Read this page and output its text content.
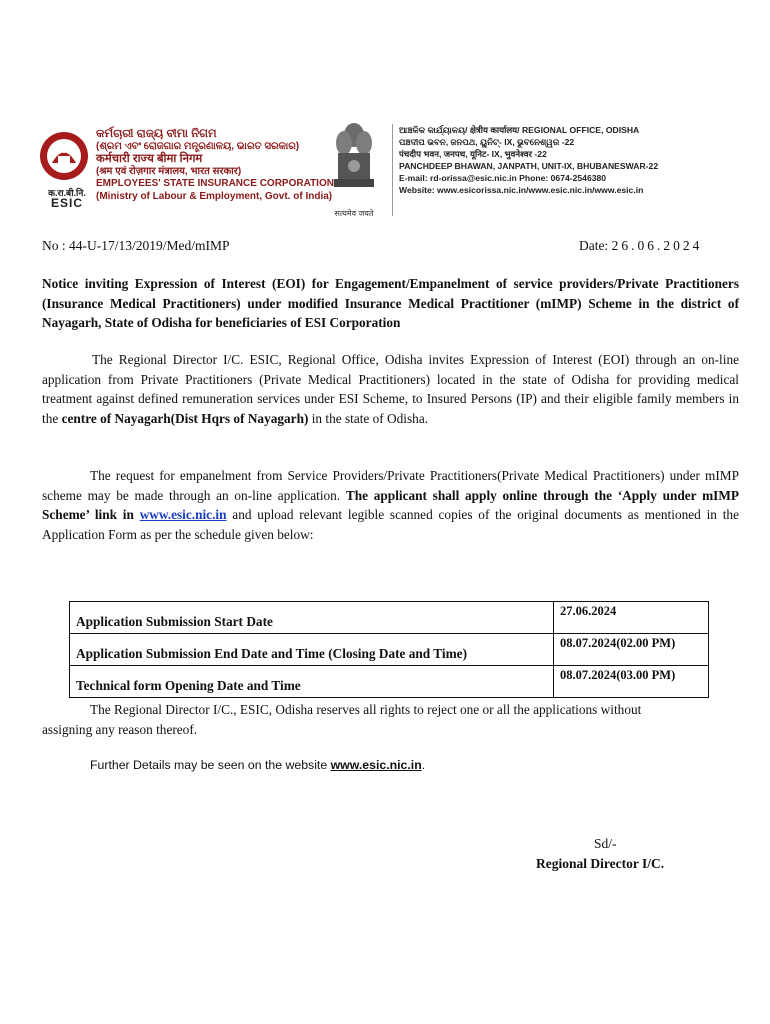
क.रा.बी.नि.
ESIC
କର୍ମଚାରୀ ରାଜ୍ୟ ବୀମା ନିଗମ
(ଶ୍ରମ ଏବଂ ରୋଜଗାର ମନ୍ତ୍ରଣାଳୟ, ଭାରତ ସରକାର)
कर्मचारी राज्य बीमा निगम
(श्रम एवं रोज़गार मंत्रालय, भारत सरकार)
EMPLOYEES' STATE INSURANCE CORPORATION
(Ministry of Labour & Employment, Govt. of India)
सत्यमेव जयते
ଆଞ୍ଚଳିକ କାର୍ଯ୍ୟାଳୟ/ क्षेत्रीय कार्यालय/ REGIONAL OFFICE, ODISHA
ପଞ୍ଚଦୀପ ଭବନ, ଜନପଥ, ୟୁନିଟ୍- IX, ଭୁବନେଶ୍ୱର -22
पंचदीप भवन, जनपथ, यूनिट- IX, भुवनेश्वर -22
PANCHDEEP BHAWAN, JANPATH, UNIT-IX, BHUBANESWAR-22
E-mail: rd-orissa@esic.nic.in Phone: 0674-2546380
Website: www.esicorissa.nic.in/www.esic.nic.in/www.esic.in
No : 44-U-17/13/2019/Med/mIMP	Date: 26.06.2024
Notice inviting Expression of Interest (EOI) for Engagement/Empanelment of service providers/Private Practitioners (Insurance Medical Practitioners) under modified Insurance Medical Practitioner (mIMP) Scheme in the district of Nayagarh, State of Odisha for beneficiaries of ESI Corporation
The Regional Director I/C. ESIC, Regional Office, Odisha invites Expression of Interest (EOI) through an on-line application from Private Practitioners (Private Medical Practitioners) located in the state of Odisha for providing medical treatment against defined remuneration services under ESI Scheme, to Insured Persons (IP) and their eligible family members in the centre of Nayagarh(Dist Hqrs of Nayagarh) in the state of Odisha.
The request for empanelment from Service Providers/Private Practitioners(Private Medical Practitioners) under mIMP scheme may be made through an on-line application. The applicant shall apply online through the ‘Apply under mIMP Scheme’ link in www.esic.nic.in and upload relevant legible scanned copies of the original documents as mentioned in the Application Form as per the schedule given below:
Application Submission Start Date	27.06.2024
Application Submission End Date and Time (Closing Date and Time)	08.07.2024(02.00 PM)
Technical form Opening Date and Time	08.07.2024(03.00 PM)
The Regional Director I/C., ESIC, Odisha reserves all rights to reject one or all the applications without
assigning any reason thereof.
Further Details may be seen on the website www.esic.nic.in.
Sd/-
Regional Director I/C.
